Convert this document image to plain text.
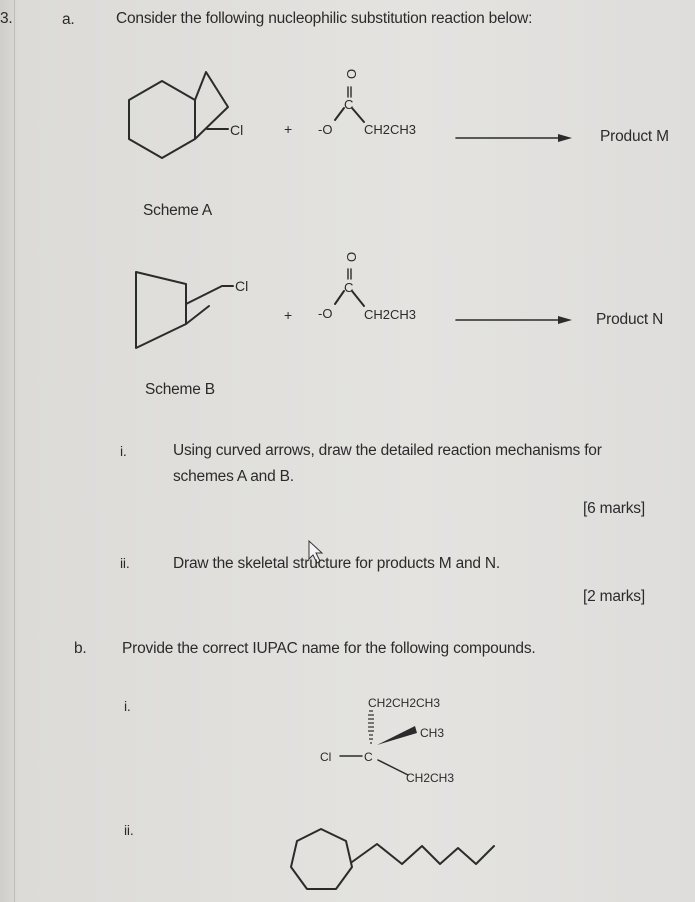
3.	a.	Consider the following nucleophilic substitution reaction below:
Cl	+
O
C
-O CH2CH3
Cl
+
O
C
-O CH2CH3
CH2CH2CH3
CH3
Cl	C
CH2CH3
Product M
Scheme A
Product N
Scheme B
i.	Using curved arrows, draw the detailed reaction mechanisms for
schemes A and B.
[6 marks]
ii.	Draw the skeletal structure for products M and N.
[2 marks]
b. Provide the correct IUPAC name for the following compounds.
i.
ii.
